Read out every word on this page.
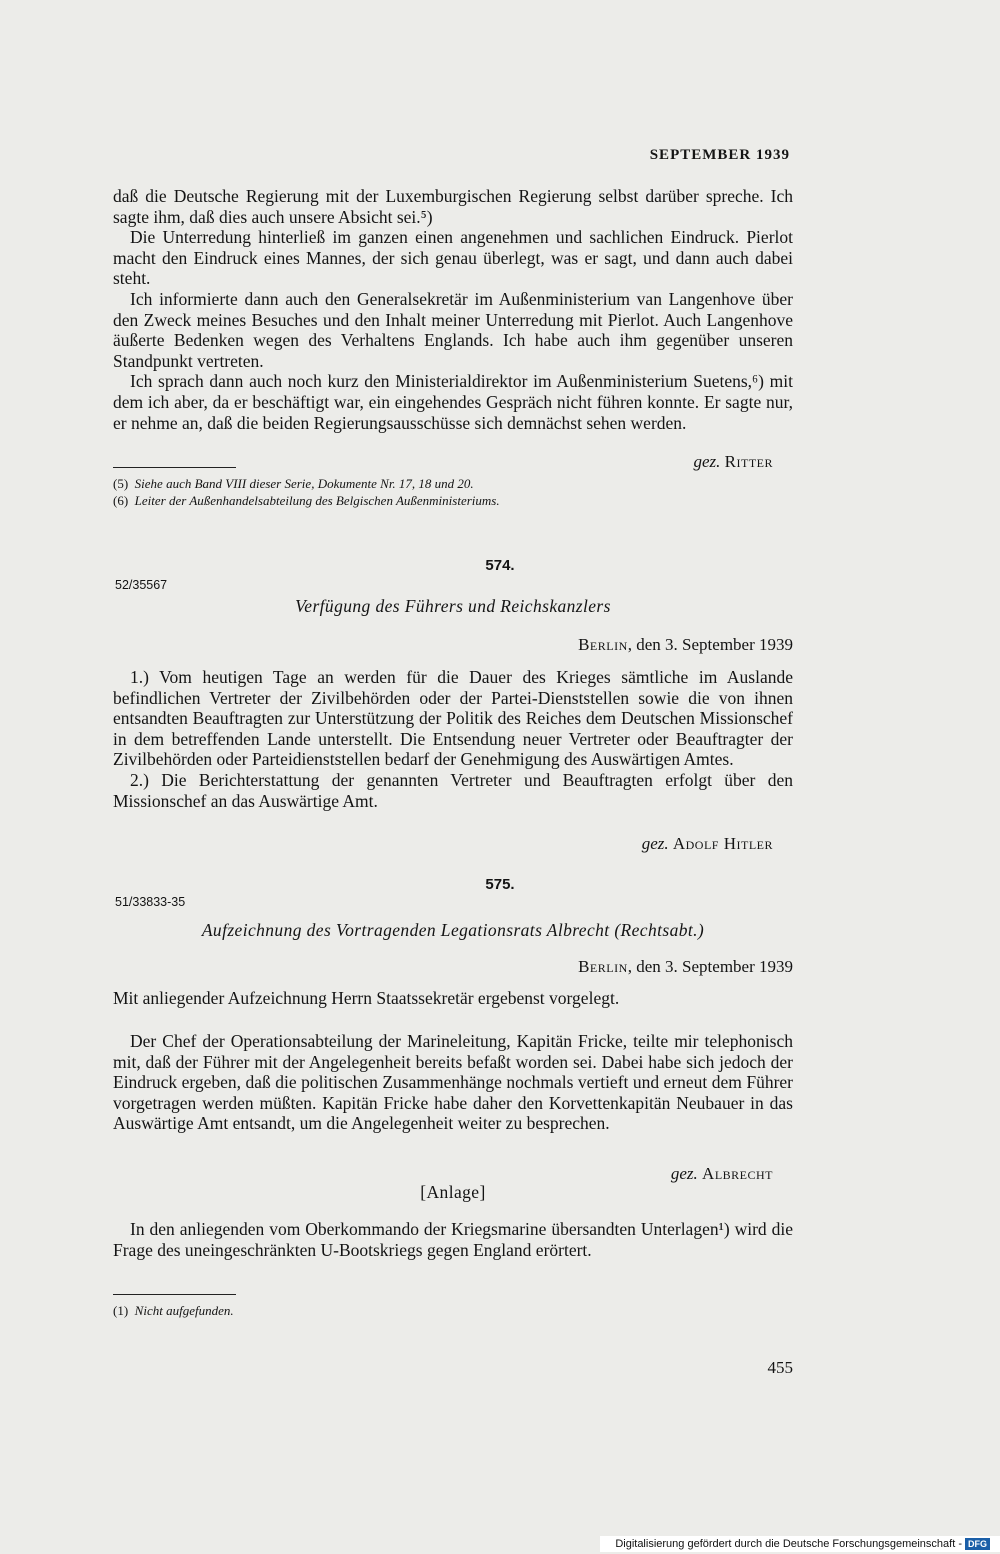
SEPTEMBER 1939

daß die Deutsche Regierung mit der Luxemburgischen Regierung selbst darüber spreche. Ich sagte ihm, daß dies auch unsere Absicht sei.⁵)

Die Unterredung hinterließ im ganzen einen angenehmen und sachlichen Eindruck. Pierlot macht den Eindruck eines Mannes, der sich genau überlegt, was er sagt, und dann auch dabei steht.

Ich informierte dann auch den Generalsekretär im Außenministerium van Langenhove über den Zweck meines Besuches und den Inhalt meiner Unterredung mit Pierlot. Auch Langenhove äußerte Bedenken wegen des Verhaltens Englands. Ich habe auch ihm gegenüber unseren Standpunkt vertreten.

Ich sprach dann auch noch kurz den Ministerialdirektor im Außenministerium Suetens,⁶) mit dem ich aber, da er beschäftigt war, ein eingehendes Gespräch nicht führen konnte. Er sagte nur, er nehme an, daß die beiden Regierungsausschüsse sich demnächst sehen werden.

gez. Ritter

(5) Siehe auch Band VIII dieser Serie, Dokumente Nr. 17, 18 und 20.

(6) Leiter der Außenhandelsabteilung des Belgischen Außenministeriums.

574.
52/35567
Verfügung des Führers und Reichskanzlers
Berlin, den 3. September 1939

1.) Vom heutigen Tage an werden für die Dauer des Krieges sämtliche im Auslande befindlichen Vertreter der Zivilbehörden oder der Partei-Dienststellen sowie die von ihnen entsandten Beauftragten zur Unterstützung der Politik des Reiches dem Deutschen Missionschef in dem betreffenden Lande unterstellt. Die Entsendung neuer Vertreter oder Beauftragter der Zivilbehörden oder Parteidienststellen bedarf der Genehmigung des Auswärtigen Amtes.

2.) Die Berichterstattung der genannten Vertreter und Beauftragten erfolgt über den Missionschef an das Auswärtige Amt.

gez. Adolf Hitler
575.
51/33833-35
Aufzeichnung des Vortragenden Legationsrats Albrecht (Rechtsabt.)
Berlin, den 3. September 1939

Mit anliegender Aufzeichnung Herrn Staatssekretär ergebenst vorgelegt.

Der Chef der Operationsabteilung der Marineleitung, Kapitän Fricke, teilte mir telephonisch mit, daß der Führer mit der Angelegenheit bereits befaßt worden sei. Dabei habe sich jedoch der Eindruck ergeben, daß die politischen Zusammenhänge nochmals vertieft und erneut dem Führer vorgetragen werden müßten. Kapitän Fricke habe daher den Korvettenkapitän Neubauer in das Auswärtige Amt entsandt, um die Angelegenheit weiter zu besprechen.

gez. Albrecht
[Anlage]

In den anliegenden vom Oberkommando der Kriegsmarine übersandten Unterlagen¹) wird die Frage des uneingeschränkten U-Bootskriegs gegen England erörtert.

(1) Nicht aufgefunden.

455
Digitalisierung gefördert durch die Deutsche Forschungsgemeinschaft - DFG
